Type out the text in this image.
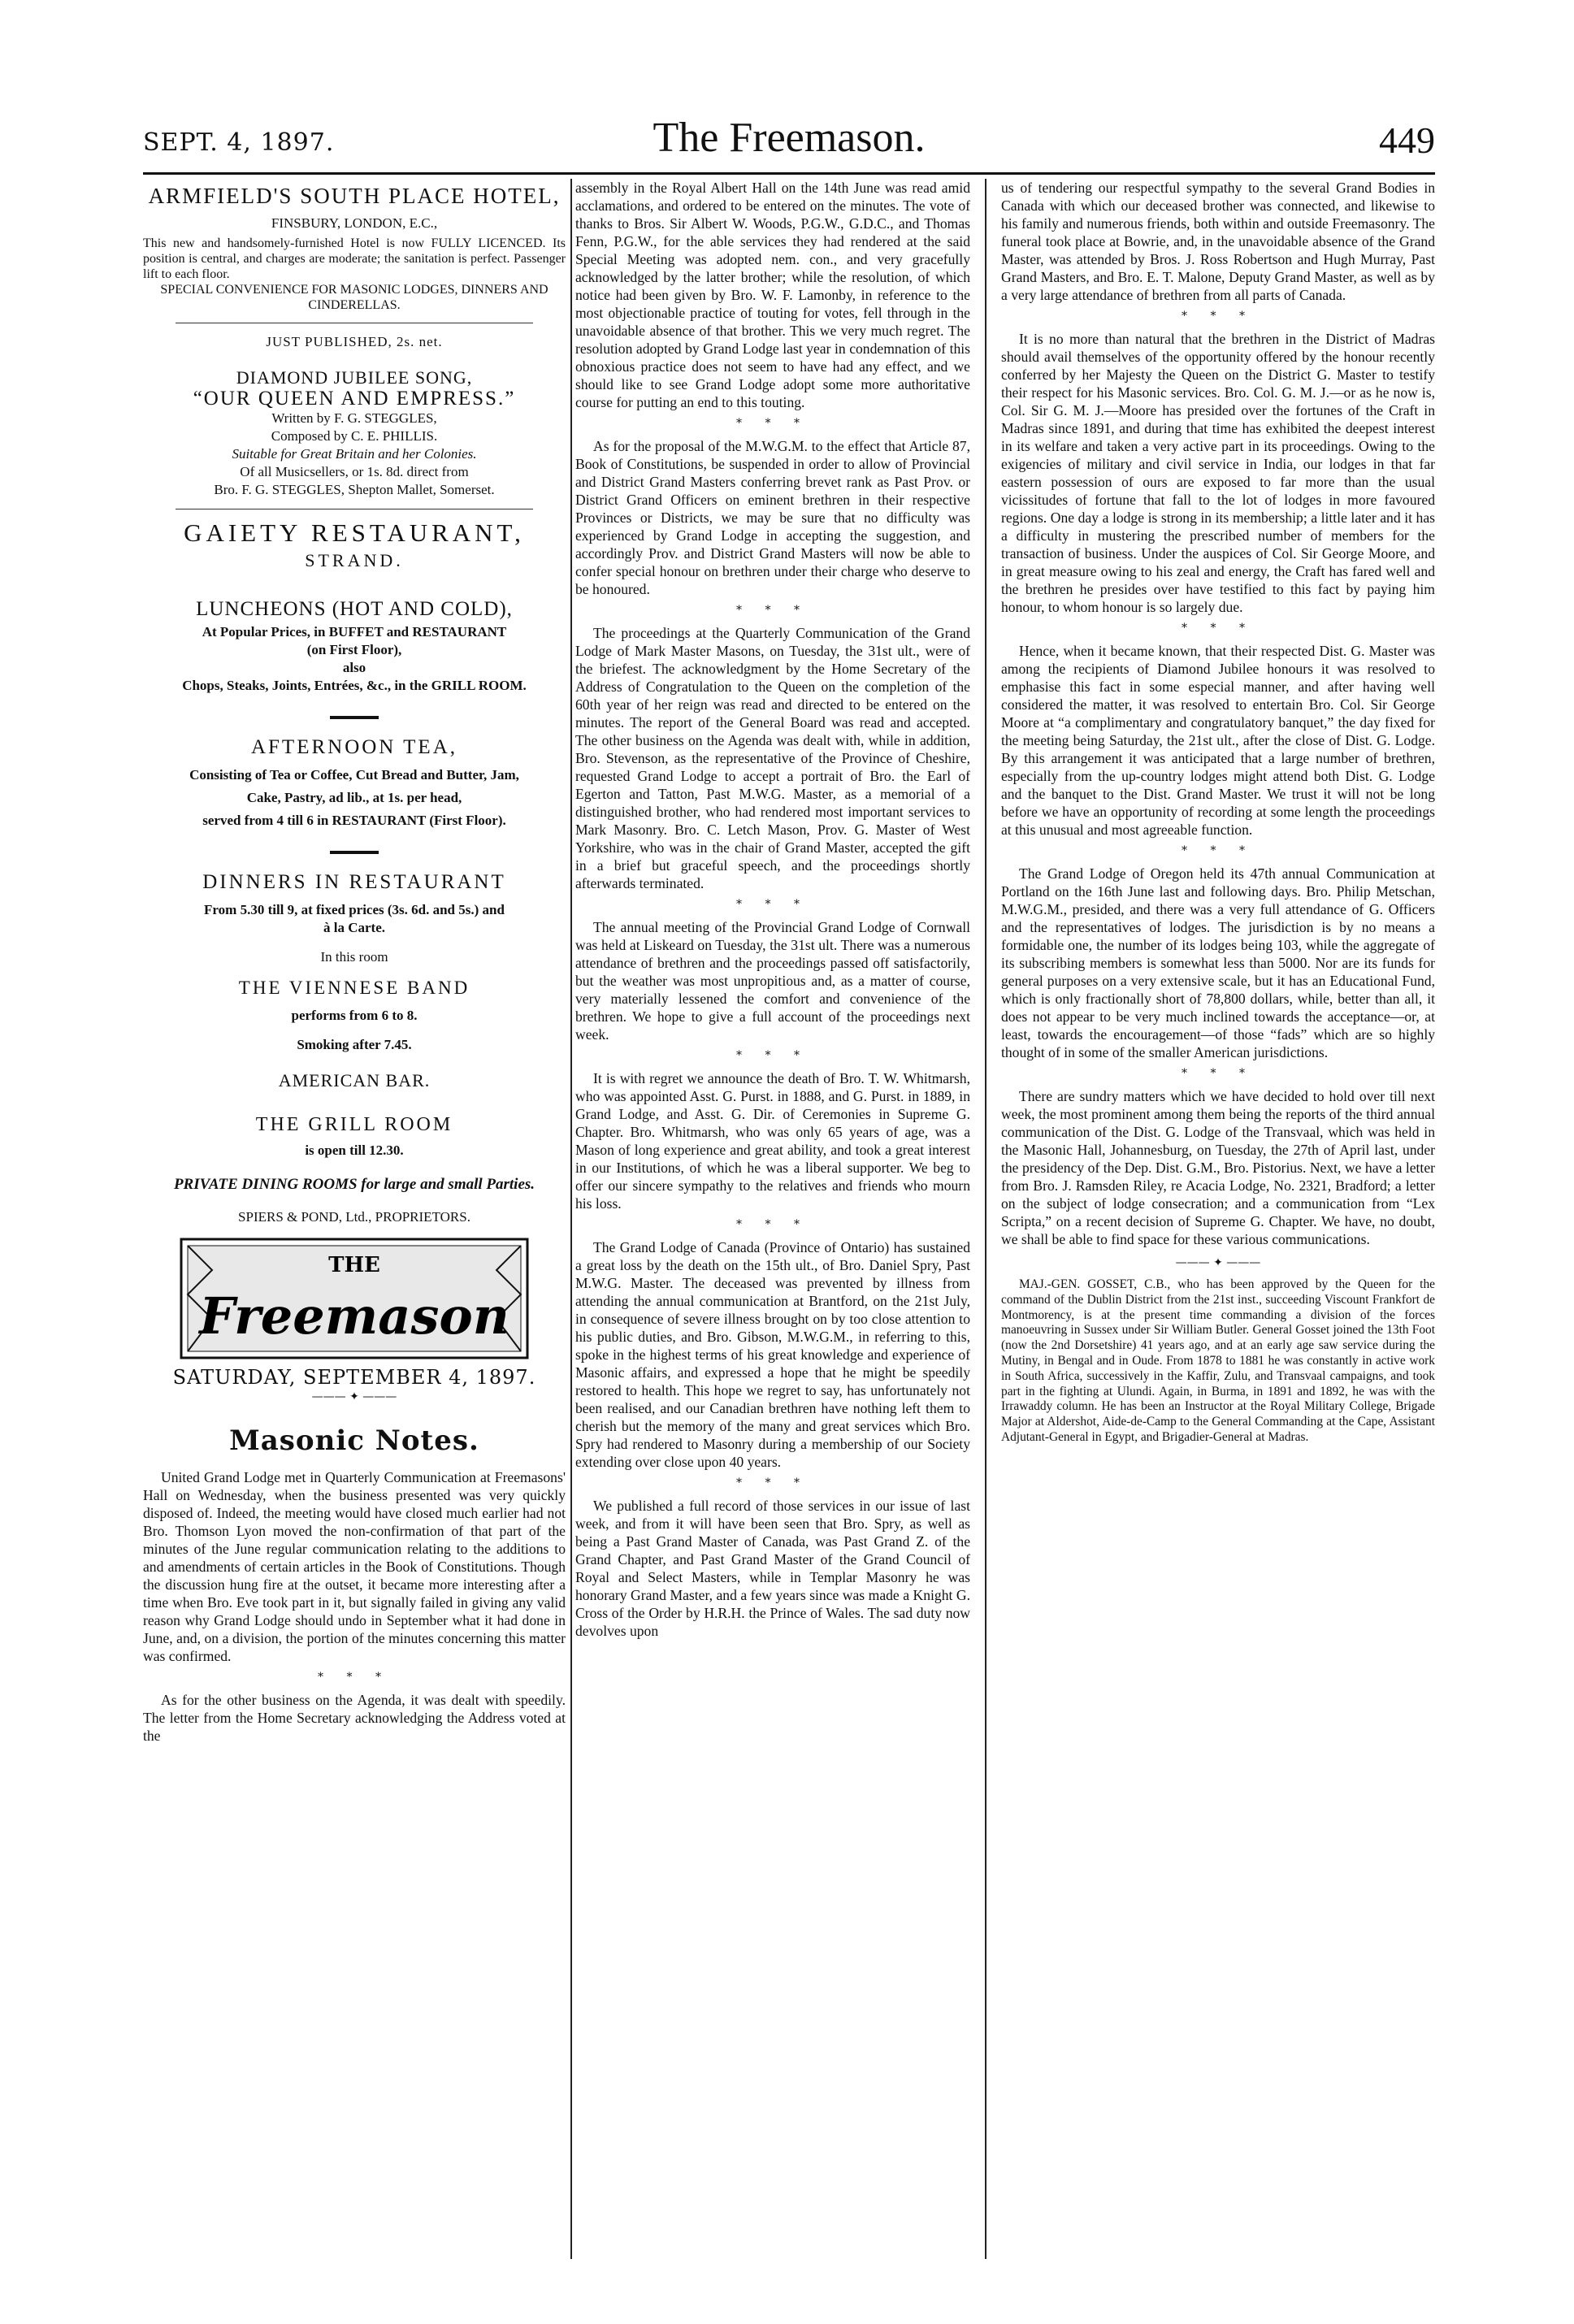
SEPT. 4, 1897.	The Freemason.	449
ARMFIELD'S SOUTH PLACE HOTEL,
FINSBURY, LONDON, E.C.,

This new and handsomely-furnished Hotel is now FULLY LICENCED. Its position is central, and charges are moderate; the sanitation is perfect. Passenger lift to each floor.

SPECIAL CONVENIENCE FOR MASONIC LODGES, DINNERS AND CINDERELLAS.
JUST PUBLISHED, 2s. net.
DIAMOND JUBILEE SONG,
“OUR QUEEN AND EMPRESS.”
Written by F. G. STEGGLES,
Composed by C. E. PHILLIS.
Suitable for Great Britain and her Colonies.
Of all Musicsellers, or 1s. 8d. direct from
Bro. F. G. STEGGLES, Shepton Mallet, Somerset.
GAIETY RESTAURANT,
STRAND.
LUNCHEONS (HOT AND COLD),
At Popular Prices, in BUFFET and RESTAURANT
(on First Floor),
also
Chops, Steaks, Joints, Entrées, &c., in the GRILL ROOM.
AFTERNOON TEA,
Consisting of Tea or Coffee, Cut Bread and Butter, Jam,
Cake, Pastry, ad lib., at 1s. per head,
served from 4 till 6 in RESTAURANT (First Floor).
DINNERS IN RESTAURANT
From 5.30 till 9, at fixed prices (3s. 6d. and 5s.) and
à la Carte.
In this room
THE VIENNESE BAND
performs from 6 to 8.
Smoking after 7.45.
AMERICAN BAR.
THE GRILL ROOM
is open till 12.30.
PRIVATE DINING ROOMS for large and small Parties.
SPIERS & POND, Ltd., PROPRIETORS.
THE
Freemason
SATURDAY, SEPTEMBER 4, 1897.
——— ✦ ———
Masonic Notes.

United Grand Lodge met in Quarterly Communication at Freemasons' Hall on Wednesday, when the business presented was very quickly disposed of. Indeed, the meeting would have closed much earlier had not Bro. Thomson Lyon moved the non-confirmation of that part of the minutes of the June regular communication relating to the additions to and amendments of certain articles in the Book of Constitutions. Though the discussion hung fire at the outset, it became more interesting after a time when Bro. Eve took part in it, but signally failed in giving any valid reason why Grand Lodge should undo in September what it had done in June, and, on a division, the portion of the minutes concerning this matter was confirmed.

* * *

As for the other business on the Agenda, it was dealt with speedily. The letter from the Home Secretary acknowledging the Address voted at the

assembly in the Royal Albert Hall on the 14th June was read amid acclamations, and ordered to be entered on the minutes. The vote of thanks to Bros. Sir Albert W. Woods, P.G.W., G.D.C., and Thomas Fenn, P.G.W., for the able services they had rendered at the said Special Meeting was adopted nem. con., and very gracefully acknowledged by the latter brother; while the resolution, of which notice had been given by Bro. W. F. Lamonby, in reference to the most objectionable practice of touting for votes, fell through in the unavoidable absence of that brother. This we very much regret. The resolution adopted by Grand Lodge last year in condemnation of this obnoxious practice does not seem to have had any effect, and we should like to see Grand Lodge adopt some more authoritative course for putting an end to this touting.

* * *

As for the proposal of the M.W.G.M. to the effect that Article 87, Book of Constitutions, be suspended in order to allow of Provincial and District Grand Masters conferring brevet rank as Past Prov. or District Grand Officers on eminent brethren in their respective Provinces or Districts, we may be sure that no difficulty was experienced by Grand Lodge in accepting the suggestion, and accordingly Prov. and District Grand Masters will now be able to confer special honour on brethren under their charge who deserve to be honoured.

* * *

The proceedings at the Quarterly Communication of the Grand Lodge of Mark Master Masons, on Tuesday, the 31st ult., were of the briefest. The acknowledgment by the Home Secretary of the Address of Congratulation to the Queen on the completion of the 60th year of her reign was read and directed to be entered on the minutes. The report of the General Board was read and accepted. The other business on the Agenda was dealt with, while in addition, Bro. Stevenson, as the representative of the Province of Cheshire, requested Grand Lodge to accept a portrait of Bro. the Earl of Egerton and Tatton, Past M.W.G. Master, as a memorial of a distinguished brother, who had rendered most important services to Mark Masonry. Bro. C. Letch Mason, Prov. G. Master of West Yorkshire, who was in the chair of Grand Master, accepted the gift in a brief but graceful speech, and the proceedings shortly afterwards terminated.

* * *

The annual meeting of the Provincial Grand Lodge of Cornwall was held at Liskeard on Tuesday, the 31st ult. There was a numerous attendance of brethren and the proceedings passed off satisfactorily, but the weather was most unpropitious and, as a matter of course, very materially lessened the comfort and convenience of the brethren. We hope to give a full account of the proceedings next week.

* * *

It is with regret we announce the death of Bro. T. W. Whitmarsh, who was appointed Asst. G. Purst. in 1888, and G. Purst. in 1889, in Grand Lodge, and Asst. G. Dir. of Ceremonies in Supreme G. Chapter. Bro. Whitmarsh, who was only 65 years of age, was a Mason of long experience and great ability, and took a great interest in our Institutions, of which he was a liberal supporter. We beg to offer our sincere sympathy to the relatives and friends who mourn his loss.

* * *

The Grand Lodge of Canada (Province of Ontario) has sustained a great loss by the death on the 15th ult., of Bro. Daniel Spry, Past M.W.G. Master. The deceased was prevented by illness from attending the annual communication at Brantford, on the 21st July, in consequence of severe illness brought on by too close attention to his public duties, and Bro. Gibson, M.W.G.M., in referring to this, spoke in the highest terms of his great knowledge and experience of Masonic affairs, and expressed a hope that he might be speedily restored to health. This hope we regret to say, has unfortunately not been realised, and our Canadian brethren have nothing left them to cherish but the memory of the many and great services which Bro. Spry had rendered to Masonry during a membership of our Society extending over close upon 40 years.

* * *

We published a full record of those services in our issue of last week, and from it will have been seen that Bro. Spry, as well as being a Past Grand Master of Canada, was Past Grand Z. of the Grand Chapter, and Past Grand Master of the Grand Council of Royal and Select Masters, while in Templar Masonry he was honorary Grand Master, and a few years since was made a Knight G. Cross of the Order by H.R.H. the Prince of Wales. The sad duty now devolves upon

us of tendering our respectful sympathy to the several Grand Bodies in Canada with which our deceased brother was connected, and likewise to his family and numerous friends, both within and outside Freemasonry. The funeral took place at Bowrie, and, in the unavoidable absence of the Grand Master, was attended by Bros. J. Ross Robertson and Hugh Murray, Past Grand Masters, and Bro. E. T. Malone, Deputy Grand Master, as well as by a very large attendance of brethren from all parts of Canada.

* * *

It is no more than natural that the brethren in the District of Madras should avail themselves of the opportunity offered by the honour recently conferred by her Majesty the Queen on the District G. Master to testify their respect for his Masonic services. Bro. Col. G. M. J.—or as he now is, Col. Sir G. M. J.—Moore has presided over the fortunes of the Craft in Madras since 1891, and during that time has exhibited the deepest interest in its welfare and taken a very active part in its proceedings. Owing to the exigencies of military and civil service in India, our lodges in that far eastern possession of ours are exposed to far more than the usual vicissitudes of fortune that fall to the lot of lodges in more favoured regions. One day a lodge is strong in its membership; a little later and it has a difficulty in mustering the prescribed number of members for the transaction of business. Under the auspices of Col. Sir George Moore, and in great measure owing to his zeal and energy, the Craft has fared well and the brethren he presides over have testified to this fact by paying him honour, to whom honour is so largely due.

* * *

Hence, when it became known, that their respected Dist. G. Master was among the recipients of Diamond Jubilee honours it was resolved to emphasise this fact in some especial manner, and after having well considered the matter, it was resolved to entertain Bro. Col. Sir George Moore at “a complimentary and congratulatory banquet,” the day fixed for the meeting being Saturday, the 21st ult., after the close of Dist. G. Lodge. By this arrangement it was anticipated that a large number of brethren, especially from the up-country lodges might attend both Dist. G. Lodge and the banquet to the Dist. Grand Master. We trust it will not be long before we have an opportunity of recording at some length the proceedings at this unusual and most agreeable function.

* * *

The Grand Lodge of Oregon held its 47th annual Communication at Portland on the 16th June last and following days. Bro. Philip Metschan, M.W.G.M., presided, and there was a very full attendance of G. Officers and the representatives of lodges. The jurisdiction is by no means a formidable one, the number of its lodges being 103, while the aggregate of its subscribing members is somewhat less than 5000. Nor are its funds for general purposes on a very extensive scale, but it has an Educational Fund, which is only fractionally short of 78,800 dollars, while, better than all, it does not appear to be very much inclined towards the acceptance—or, at least, towards the encouragement—of those “fads” which are so highly thought of in some of the smaller American jurisdictions.

* * *

There are sundry matters which we have decided to hold over till next week, the most prominent among them being the reports of the third annual communication of the Dist. G. Lodge of the Transvaal, which was held in the Masonic Hall, Johannesburg, on Tuesday, the 27th of April last, under the presidency of the Dep. Dist. G.M., Bro. Pistorius. Next, we have a letter from Bro. J. Ramsden Riley, re Acacia Lodge, No. 2321, Bradford; a letter on the subject of lodge consecration; and a communication from “Lex Scripta,” on a recent decision of Supreme G. Chapter. We have, no doubt, we shall be able to find space for these various communications.

——— ✦ ———

MAJ.-GEN. GOSSET, C.B., who has been approved by the Queen for the command of the Dublin District from the 21st inst., succeeding Viscount Frankfort de Montmorency, is at the present time commanding a division of the forces manoeuvring in Sussex under Sir William Butler. General Gosset joined the 13th Foot (now the 2nd Dorsetshire) 41 years ago, and at an early age saw service during the Mutiny, in Bengal and in Oude. From 1878 to 1881 he was constantly in active work in South Africa, successively in the Kaffir, Zulu, and Transvaal campaigns, and took part in the fighting at Ulundi. Again, in Burma, in 1891 and 1892, he was with the Irrawaddy column. He has been an Instructor at the Royal Military College, Brigade Major at Aldershot, Aide-de-Camp to the General Commanding at the Cape, Assistant Adjutant-General in Egypt, and Brigadier-General at Madras.
